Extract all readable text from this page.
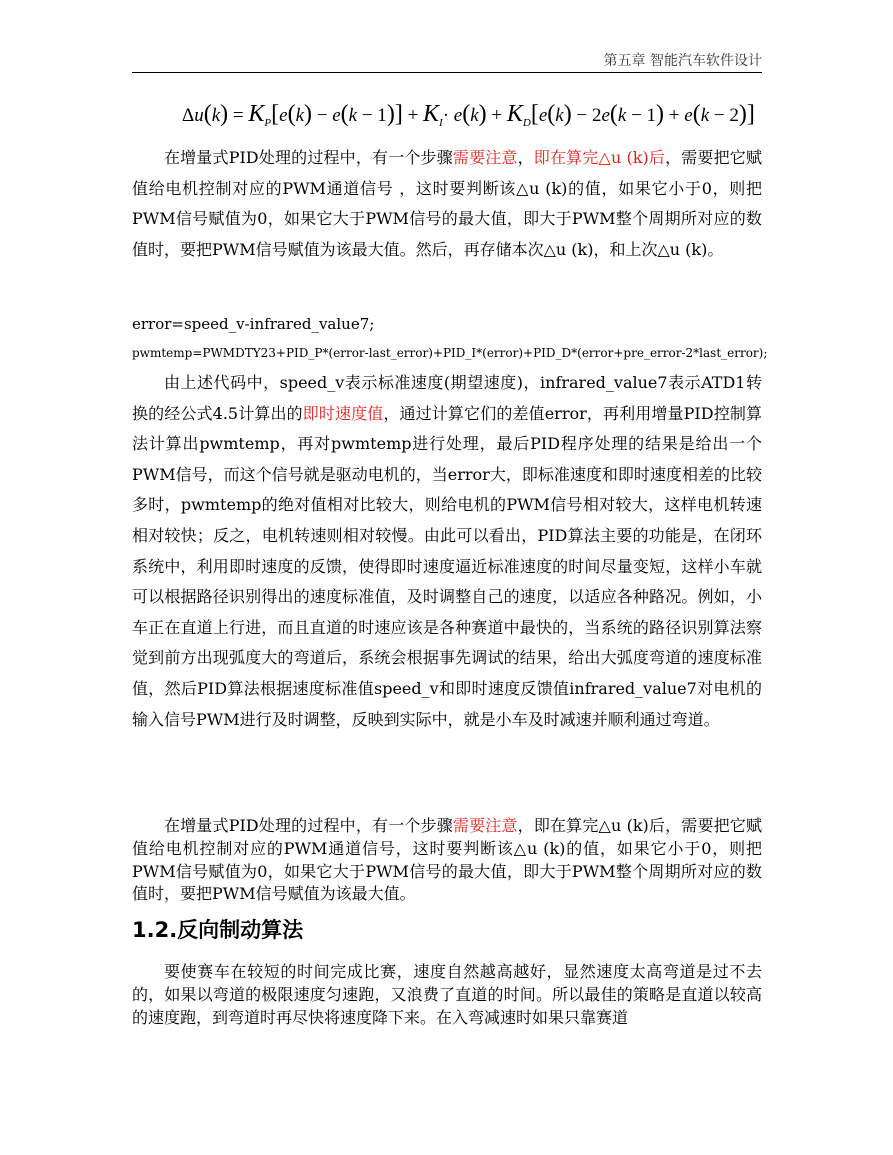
第五章 智能汽车软件设计
$\Delta u(k) = K_P[e(k) - e(k - 1)] + K_I\cdot e(k) + K_D[e(k) - 2e(k - 1) + e(k - 2)]$
在增量式PID处理的过程中，有一个步骤需要注意，即在算完△u (k)后，需要把它赋值给电机控制对应的PWM通道信号 ，这时要判断该△u (k)的值，如果它小于0，则把PWM信号赋值为0，如果它大于PWM信号的最大值，即大于PWM整个周期所对应的数值时，要把PWM信号赋值为该最大值。然后，再存储本次△u (k)，和上次△u (k)。
error=speed_v-infrared_value7;
pwmtemp=PWMDTY23+PID_P*(error-last_error)+PID_I*(error)+PID_D*(error+pre_error-2*last_error);
由上述代码中，speed_v表示标准速度(期望速度)，infrared_value7表示ATD1转换的经公式4.5计算出的即时速度值，通过计算它们的差值error，再利用增量PID控制算法计算出pwmtemp，再对pwmtemp进行处理，最后PID程序处理的结果是给出一个PWM信号，而这个信号就是驱动电机的，当error大，即标准速度和即时速度相差的比较多时，pwmtemp的绝对值相对比较大，则给电机的PWM信号相对较大，这样电机转速相对较快；反之，电机转速则相对较慢。由此可以看出，PID算法主要的功能是，在闭环系统中，利用即时速度的反馈，使得即时速度逼近标准速度的时间尽量变短，这样小车就可以根据路径识别得出的速度标准值，及时调整自己的速度，以适应各种路况。例如，小车正在直道上行进，而且直道的时速应该是各种赛道中最快的，当系统的路径识别算法察觉到前方出现弧度大的弯道后，系统会根据事先调试的结果，给出大弧度弯道的速度标准值，然后PID算法根据速度标准值speed_v和即时速度反馈值infrared_value7对电机的输入信号PWM进行及时调整，反映到实际中，就是小车及时减速并顺利通过弯道。
在增量式PID处理的过程中，有一个步骤需要注意，即在算完△u (k)后，需要把它赋值给电机控制对应的PWM通道信号，这时要判断该△u (k)的值，如果它小于0，则把PWM信号赋值为0，如果它大于PWM信号的最大值，即大于PWM整个周期所对应的数值时，要把PWM信号赋值为该最大值。
1.2.反向制动算法
要使赛车在较短的时间完成比赛，速度自然越高越好，显然速度太高弯道是过不去的，如果以弯道的极限速度匀速跑，又浪费了直道的时间。所以最佳的策略是直道以较高的速度跑，到弯道时再尽快将速度降下来。在入弯减速时如果只靠赛道
